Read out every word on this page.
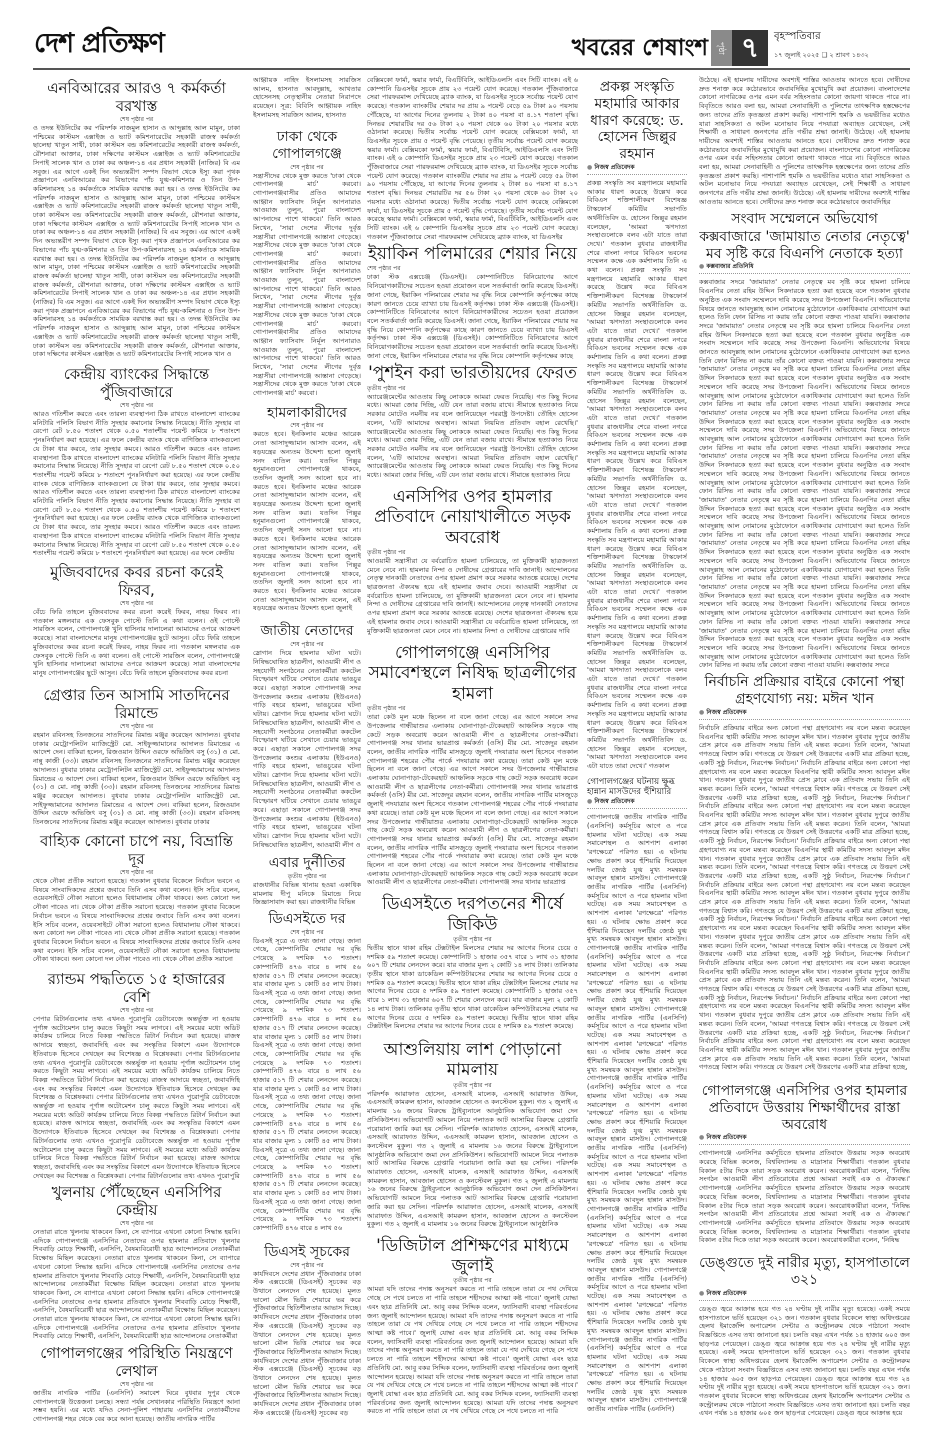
দেশ প্রতিক্ষণ	খবরের শেষাংশ	পৃষ্ঠা ৭	বৃহস্পতিবার
১৭ জুলাই ২০২৫ ❑ ২ শ্রাবণ ১৪৩২
এনবিআরের আরও ৭ কর্মকর্তা বরখাস্ত
শেষ পৃষ্ঠার পর
ও তদন্ত ইউনিটের কর পরিদর্শক নাজমুল হাসান ও আব্দুল্লাহ আল মামুন, ঢাকা পশ্চিমের কাস্টমস এক্সাইজ ও ভ্যাট কমিশনারেটের সহকারী রাজস্ব কর্মকর্তা ছালেহা খাতুন সাথী, ঢাকা কাস্টমস বন্ড কমিশনারেটের সহকারী রাজস্ব কর্মকর্তা, রৌশনারা আক্তার, ঢাকা দক্ষিণের কাস্টমস এক্সাইজ ও ভ্যাট কমিশনারেটের সিপাই সালেক খান ও ঢাকা কর অঞ্চল-১৪ এর প্রধান সহকারী (নাজির) বি এম সবুজ। এর আগে একই দিন অভ্যন্তরীণ সম্পদ বিভাগ থেকে ইস্যু করা পৃথক প্রজ্ঞাপনে এনবিআরের কর বিভাগের পাঁচ যুগ্ম-কমিশনার ও তিন উপ-কমিশনারসহ ১৪ কর্মকর্তাকে সাময়িক বরখাস্ত করা হয়। ও তদন্ত ইউনিটের কর পরিদর্শক নাজমুল হাসান ও আব্দুল্লাহ আল মামুন, ঢাকা পশ্চিমের কাস্টমস এক্সাইজ ও ভ্যাট কমিশনারেটের সহকারী রাজস্ব কর্মকর্তা ছালেহা খাতুন সাথী, ঢাকা কাস্টমস বন্ড কমিশনারেটের সহকারী রাজস্ব কর্মকর্তা, রৌশনারা আক্তার, ঢাকা দক্ষিণের কাস্টমস এক্সাইজ ও ভ্যাট কমিশনারেটের সিপাই সালেক খান ও ঢাকা কর অঞ্চল-১৪ এর প্রধান সহকারী (নাজির) বি এম সবুজ। এর আগে একই দিন অভ্যন্তরীণ সম্পদ বিভাগ থেকে ইস্যু করা পৃথক প্রজ্ঞাপনে এনবিআরের কর বিভাগের পাঁচ যুগ্ম-কমিশনার ও তিন উপ-কমিশনারসহ ১৪ কর্মকর্তাকে সাময়িক বরখাস্ত করা হয়। ও তদন্ত ইউনিটের কর পরিদর্শক নাজমুল হাসান ও আব্দুল্লাহ আল মামুন, ঢাকা পশ্চিমের কাস্টমস এক্সাইজ ও ভ্যাট কমিশনারেটের সহকারী রাজস্ব কর্মকর্তা ছালেহা খাতুন সাথী, ঢাকা কাস্টমস বন্ড কমিশনারেটের সহকারী রাজস্ব কর্মকর্তা, রৌশনারা আক্তার, ঢাকা দক্ষিণের কাস্টমস এক্সাইজ ও ভ্যাট কমিশনারেটের সিপাই সালেক খান ও ঢাকা কর অঞ্চল-১৪ এর প্রধান সহকারী (নাজির) বি এম সবুজ। এর আগে একই দিন অভ্যন্তরীণ সম্পদ বিভাগ থেকে ইস্যু করা পৃথক প্রজ্ঞাপনে এনবিআরের কর বিভাগের পাঁচ যুগ্ম-কমিশনার ও তিন উপ-কমিশনারসহ ১৪ কর্মকর্তাকে সাময়িক বরখাস্ত করা হয়। ও তদন্ত ইউনিটের কর পরিদর্শক নাজমুল হাসান ও আব্দুল্লাহ আল মামুন, ঢাকা পশ্চিমের কাস্টমস এক্সাইজ ও ভ্যাট কমিশনারেটের সহকারী রাজস্ব কর্মকর্তা ছালেহা খাতুন সাথী, ঢাকা কাস্টমস বন্ড কমিশনারেটের সহকারী রাজস্ব কর্মকর্তা, রৌশনারা আক্তার, ঢাকা দক্ষিণের কাস্টমস এক্সাইজ ও ভ্যাট কমিশনারেটের সিপাই সালেক খান ও
কেন্দ্রীয় ব্যাংকের সিদ্ধান্তে পুঁজিবাজারে
শেষ পৃষ্ঠার পর
আরও গতিশীল করতে এবং তারল্য ব্যবস্থাপনা ঠিক রাখতে বাংলাদেশ ব্যাংকের মনিটারি পলিসি বিভাগ নীতি সুদহার কমানোর সিদ্ধান্ত নিয়েছে। নীতি সুদহার বা রেপো রেট ৮.৫০ শতাংশ থেকে ০.৫০ শতাংশীয় পয়েন্ট কমিয়ে ৮ শতাংশে পুনঃনির্ধারণ করা হয়েছে। এর ফলে কেন্দ্রীয় ব্যাংক থেকে বাণিজ্যিক ব্যাংকগুলো যে টাকা ধার করবে, তার সুদহার কমবে। আরও গতিশীল করতে এবং তারল্য ব্যবস্থাপনা ঠিক রাখতে বাংলাদেশ ব্যাংকের মনিটারি পলিসি বিভাগ নীতি সুদহার কমানোর সিদ্ধান্ত নিয়েছে। নীতি সুদহার বা রেপো রেট ৮.৫০ শতাংশ থেকে ০.৫০ শতাংশীয় পয়েন্ট কমিয়ে ৮ শতাংশে পুনঃনির্ধারণ করা হয়েছে। এর ফলে কেন্দ্রীয় ব্যাংক থেকে বাণিজ্যিক ব্যাংকগুলো যে টাকা ধার করবে, তার সুদহার কমবে। আরও গতিশীল করতে এবং তারল্য ব্যবস্থাপনা ঠিক রাখতে বাংলাদেশ ব্যাংকের মনিটারি পলিসি বিভাগ নীতি সুদহার কমানোর সিদ্ধান্ত নিয়েছে। নীতি সুদহার বা রেপো রেট ৮.৫০ শতাংশ থেকে ০.৫০ শতাংশীয় পয়েন্ট কমিয়ে ৮ শতাংশে পুনঃনির্ধারণ করা হয়েছে। এর ফলে কেন্দ্রীয় ব্যাংক থেকে বাণিজ্যিক ব্যাংকগুলো যে টাকা ধার করবে, তার সুদহার কমবে। আরও গতিশীল করতে এবং তারল্য ব্যবস্থাপনা ঠিক রাখতে বাংলাদেশ ব্যাংকের মনিটারি পলিসি বিভাগ নীতি সুদহার কমানোর সিদ্ধান্ত নিয়েছে। নীতি সুদহার বা রেপো রেট ৮.৫০ শতাংশ থেকে ০.৫০ শতাংশীয় পয়েন্ট কমিয়ে ৮ শতাংশে পুনঃনির্ধারণ করা হয়েছে। এর ফলে কেন্দ্রীয়
মুজিববাদের কবর রচনা করেই ফিরব,
শেষ পৃষ্ঠার পর
বেঁচে ফিরি তাহলে মুজিববাদের কবর রচনা করেই ফিরব, নাহয় ফিরব না। গতকাল মঙ্গলবার এক ফেসবুক পোস্টে তিনি এ কথা বলেন। ওই পোস্টে সারজিস বলেন, গোপালগঞ্জে খুনি হাসিনার দালালেরা আমাদের ওপরে আক্রমণ করেছে। সারা বাংলাদেশের মানুষ গোপালগঞ্জের ছুটে আসুন। বেঁচে ফিরি তাহলে মুজিববাদের কবর রচনা করেই ফিরব, নাহয় ফিরব না। গতকাল মঙ্গলবার এক ফেসবুক পোস্টে তিনি এ কথা বলেন। ওই পোস্টে সারজিস বলেন, গোপালগঞ্জে খুনি হাসিনার দালালেরা আমাদের ওপরে আক্রমণ করেছে। সারা বাংলাদেশের মানুষ গোপালগঞ্জের ছুটে আসুন। বেঁচে ফিরি তাহলে মুজিববাদের কবর রচনা
গ্রেপ্তার তিন আসামি সাতদিনের রিমান্ডে
শেষ পৃষ্ঠার পর
রহমান রবিনসহ তিনজনের সাতদিনের রিমান্ড মঞ্জুর করেছেন আদালত। বুধবার ঢাকার মেট্রোপলিটন ম্যাজিস্ট্রেট মো. সাইফুজ্জামানের আদালত রিমান্ডের এ আদেশ দেন। বাকিরা হলেন, রিজওয়ান উদ্দিন ওরফে অভিজিৎ বসু (৩১) ও মো. নান্নু কাজী (৩৩)। রহমান রবিনসহ তিনজনের সাতদিনের রিমান্ড মঞ্জুর করেছেন আদালত। বুধবার ঢাকার মেট্রোপলিটন ম্যাজিস্ট্রেট মো. সাইফুজ্জামানের আদালত রিমান্ডের এ আদেশ দেন। বাকিরা হলেন, রিজওয়ান উদ্দিন ওরফে অভিজিৎ বসু (৩১) ও মো. নান্নু কাজী (৩৩)। রহমান রবিনসহ তিনজনের সাতদিনের রিমান্ড মঞ্জুর করেছেন আদালত। বুধবার ঢাকার মেট্রোপলিটন ম্যাজিস্ট্রেট মো. সাইফুজ্জামানের আদালত রিমান্ডের এ আদেশ দেন। বাকিরা হলেন, রিজওয়ান উদ্দিন ওরফে অভিজিৎ বসু (৩১) ও মো. নান্নু কাজী (৩৩)। রহমান রবিনসহ তিনজনের সাতদিনের রিমান্ড মঞ্জুর করেছেন আদালত। বুধবার ঢাকার
বাহ্যিক কোনো চাপে নয়, বিভ্রান্তি দূর
শেষ পৃষ্ঠার পর
থেকে নৌকা প্রতীক সরানো হয়েছে। গতকাল বুধবার বিকেলে নির্বাচন ভবনে এ বিষয়ে সাংবাদিকদের প্রশ্নের জবাবে তিনি এসব কথা বলেন। ইসি সচিব বলেন, ওয়েবসাইটে নৌকা সরানো হলেও বিধামালায় নৌকা থাকবে। অন্য কোনো দল নৌকা পাবেও না। থেকে নৌকা প্রতীক সরানো হয়েছে। গতকাল বুধবার বিকেলে নির্বাচন ভবনে এ বিষয়ে সাংবাদিকদের প্রশ্নের জবাবে তিনি এসব কথা বলেন। ইসি সচিব বলেন, ওয়েবসাইটে নৌকা সরানো হলেও বিধামালায় নৌকা থাকবে। অন্য কোনো দল নৌকা পাবেও না। থেকে নৌকা প্রতীক সরানো হয়েছে। গতকাল বুধবার বিকেলে নির্বাচন ভবনে এ বিষয়ে সাংবাদিকদের প্রশ্নের জবাবে তিনি এসব কথা বলেন। ইসি সচিব বলেন, ওয়েবসাইটে নৌকা সরানো হলেও বিধামালায় নৌকা থাকবে। অন্য কোনো দল নৌকা পাবেও না। থেকে নৌকা প্রতীক সরানো
র‍্যান্ডম পদ্ধতিতে ১৫ হাজারের বেশি
শেষ পৃষ্ঠার পর
পেপার রিটার্নগুলোর তথ্য এখনও পুরোপুরি ডেটাবেজে অন্তর্ভুক্ত না হওয়ায় পূর্ণাঙ্গ অটোমেশন চালু করতে কিছুটা সময় লাগবে। এই সময়ের মধ্যে অডিট কার্যক্রম চালিয়ে নিতে বিকল্প পদ্ধতিতে রিটার্ন নির্বাচন করা হয়েছে। রাজস্ব আদায়ে স্বচ্ছতা, জবাবদিহি এবং কর সংস্কৃতির বিকাশে এমন উদ্যোগকে ইতিবাচক হিসেবে দেখছেন কর বিশেষজ্ঞ ও বিশ্লেষকরা। পেপার রিটার্নগুলোর তথ্য এখনও পুরোপুরি ডেটাবেজে অন্তর্ভুক্ত না হওয়ায় পূর্ণাঙ্গ অটোমেশন চালু করতে কিছুটা সময় লাগবে। এই সময়ের মধ্যে অডিট কার্যক্রম চালিয়ে নিতে বিকল্প পদ্ধতিতে রিটার্ন নির্বাচন করা হয়েছে। রাজস্ব আদায়ে স্বচ্ছতা, জবাবদিহি এবং কর সংস্কৃতির বিকাশে এমন উদ্যোগকে ইতিবাচক হিসেবে দেখছেন কর বিশেষজ্ঞ ও বিশ্লেষকরা। পেপার রিটার্নগুলোর তথ্য এখনও পুরোপুরি ডেটাবেজে অন্তর্ভুক্ত না হওয়ায় পূর্ণাঙ্গ অটোমেশন চালু করতে কিছুটা সময় লাগবে। এই সময়ের মধ্যে অডিট কার্যক্রম চালিয়ে নিতে বিকল্প পদ্ধতিতে রিটার্ন নির্বাচন করা হয়েছে। রাজস্ব আদায়ে স্বচ্ছতা, জবাবদিহি এবং কর সংস্কৃতির বিকাশে এমন উদ্যোগকে ইতিবাচক হিসেবে দেখছেন কর বিশেষজ্ঞ ও বিশ্লেষকরা। পেপার রিটার্নগুলোর তথ্য এখনও পুরোপুরি ডেটাবেজে অন্তর্ভুক্ত না হওয়ায় পূর্ণাঙ্গ অটোমেশন চালু করতে কিছুটা সময় লাগবে। এই সময়ের মধ্যে অডিট কার্যক্রম চালিয়ে নিতে বিকল্প পদ্ধতিতে রিটার্ন নির্বাচন করা হয়েছে। রাজস্ব আদায়ে স্বচ্ছতা, জবাবদিহি এবং কর সংস্কৃতির বিকাশে এমন উদ্যোগকে ইতিবাচক হিসেবে দেখছেন কর বিশেষজ্ঞ ও বিশ্লেষকরা। পেপার রিটার্নগুলোর তথ্য এখনও পুরোপুরি
খুলনায় পৌঁছেছেন এনসিপির কেন্দ্রীয়
শেষ পৃষ্ঠার পর
নেতারা রাতে খুলনায় থাকবেন কিনা, সে ব্যাপারে এখনো কোনো সিদ্ধান্ত হয়নি। এদিকে গোপালগঞ্জে এনসিপির নেতাদের ওপর হামলার প্রতিবাদে খুলনার শিববাড়ি মোড়ে শিক্ষার্থী, এনসিপি, বৈষম্যবিরোধী ছাত্র আন্দোলনের নেতাকর্মীরা বিক্ষোভ মিছিল করেছেন। নেতারা রাতে খুলনায় থাকবেন কিনা, সে ব্যাপারে এখনো কোনো সিদ্ধান্ত হয়নি। এদিকে গোপালগঞ্জে এনসিপির নেতাদের ওপর হামলার প্রতিবাদে খুলনার শিববাড়ি মোড়ে শিক্ষার্থী, এনসিপি, বৈষম্যবিরোধী ছাত্র আন্দোলনের নেতাকর্মীরা বিক্ষোভ মিছিল করেছেন। নেতারা রাতে খুলনায় থাকবেন কিনা, সে ব্যাপারে এখনো কোনো সিদ্ধান্ত হয়নি। এদিকে গোপালগঞ্জে এনসিপির নেতাদের ওপর হামলার প্রতিবাদে খুলনার শিববাড়ি মোড়ে শিক্ষার্থী, এনসিপি, বৈষম্যবিরোধী ছাত্র আন্দোলনের নেতাকর্মীরা বিক্ষোভ মিছিল করেছেন। নেতারা রাতে খুলনায় থাকবেন কিনা, সে ব্যাপারে এখনো কোনো সিদ্ধান্ত হয়নি। এদিকে গোপালগঞ্জে এনসিপির নেতাদের ওপর হামলার প্রতিবাদে খুলনার শিববাড়ি মোড়ে শিক্ষার্থী, এনসিপি, বৈষম্যবিরোধী ছাত্র আন্দোলনের নেতাকর্মীরা
গোপালগঞ্জের পরিস্থিতি নিয়ন্ত্রণে লেথাল
শেষ পৃষ্ঠার পর
জাতীয় নাগরিক পার্টির (এনসিপি) সমাবেশ ঘিরে বুধবার দুপুর থেকে গোপালগঞ্জে উত্তেজনা চলছে। সন্ধ্যা পর্যন্ত সেখানকার পরিস্থিতি নিয়ন্ত্রণে আনা সম্ভব হয়নি। এর মধ্যে যদিও সেনা-পুলিশ পাহারায় এনসিপির নেতাকর্মীদের গোপালগঞ্জ শহর থেকে বের করে আনা হয়েছে। জাতীয় নাগরিক পার্টির
আহ্বায়ক নাহিদ ইসলামসহ সারজিস আলম, হাসনাত আবদুল্লাহ, আখতার হোসেনসহ নেতৃস্থানীয় নেতারা নিরাপদে রয়েছেন। সূত্র: বিবিসি আহ্বায়ক নাহিদ ইসলামসহ সারজিস আলম, হাসনাত
ঢাকা থেকে গোপালগঞ্জে
শেষ পৃষ্ঠার পর
সন্ত্রাসীদের থেকে মুক্ত করতে 'ঢাকা থেকে গোপালগঞ্জ মার্চ' করবো। গোপালগঞ্জবাসীর প্রতিও আমাদের আহ্বান ফ্যাসিবাদ নির্মূল আপনারাও আওয়াজ তুলুন, পুরো বাংলাদেশ আপনাদের পাশে থাকবে।' তিনি আরও লিখেন, 'সারা দেশের লীগের দুর্বৃত্ত সন্ত্রাসীরা গোপালগঞ্জে আস্তানা গেড়েছে। সন্ত্রাসীদের থেকে মুক্ত করতে 'ঢাকা থেকে গোপালগঞ্জ মার্চ' করবো। গোপালগঞ্জবাসীর প্রতিও আমাদের আহ্বান ফ্যাসিবাদ নির্মূল আপনারাও আওয়াজ তুলুন, পুরো বাংলাদেশ আপনাদের পাশে থাকবে।' তিনি আরও লিখেন, 'সারা দেশের লীগের দুর্বৃত্ত সন্ত্রাসীরা গোপালগঞ্জে আস্তানা গেড়েছে। সন্ত্রাসীদের থেকে মুক্ত করতে 'ঢাকা থেকে গোপালগঞ্জ মার্চ' করবো। গোপালগঞ্জবাসীর প্রতিও আমাদের আহ্বান ফ্যাসিবাদ নির্মূল আপনারাও আওয়াজ তুলুন, পুরো বাংলাদেশ আপনাদের পাশে থাকবে।' তিনি আরও লিখেন, 'সারা দেশের লীগের দুর্বৃত্ত সন্ত্রাসীরা গোপালগঞ্জে আস্তানা গেড়েছে। সন্ত্রাসীদের থেকে মুক্ত করতে 'ঢাকা থেকে গোপালগঞ্জ মার্চ' করবো।
হামলাকারীদের
শেষ পৃষ্ঠার পর
করতে হবে। ইনকিলাব মঞ্চের আরেক নেতা আসাদুজ্জামান আসাদ বলেন, এই ষড়যন্ত্রের অন্যতম উদ্দেশ্য হলো জুলাই সনদ বাতিল করা। যতদিন পিল্লুর হনুমানগুলো গোপালগঞ্জে থাকবে, ততদিন জুলাই সনদ আলো হবে না। করতে হবে। ইনকিলাব মঞ্চের আরেক নেতা আসাদুজ্জামান আসাদ বলেন, এই ষড়যন্ত্রের অন্যতম উদ্দেশ্য হলো জুলাই সনদ বাতিল করা। যতদিন পিল্লুর হনুমানগুলো গোপালগঞ্জে থাকবে, ততদিন জুলাই সনদ আলো হবে না। করতে হবে। ইনকিলাব মঞ্চের আরেক নেতা আসাদুজ্জামান আসাদ বলেন, এই ষড়যন্ত্রের অন্যতম উদ্দেশ্য হলো জুলাই সনদ বাতিল করা। যতদিন পিল্লুর হনুমানগুলো গোপালগঞ্জে থাকবে, ততদিন জুলাই সনদ আলো হবে না। করতে হবে। ইনকিলাব মঞ্চের আরেক নেতা আসাদুজ্জামান আসাদ বলেন, এই ষড়যন্ত্রের অন্যতম উদ্দেশ্য হলো জুলাই
জাতীয় নেতাদের
শেষ পৃষ্ঠার পর
স্লোগান দিয়ে হামলার ঘটনা ঘটে। নিষিদ্ধঘোষিত ছাত্রলীগ, আওয়ামী লীগ ও সহযোগী সংগঠনের নেতাকর্মীরা ককটেল বিস্ফোরণ ঘটিয়ে সেখানে চেয়ার ভাঙচুর করে। এছাড়া সকালে গোপালগঞ্জ সদর উপজেলার কংশুর এলাকায় (ইউএনও) গাড়ি বহরে হামলা, ভাঙচুরের ঘটনা ঘটায়। স্লোগান দিয়ে হামলার ঘটনা ঘটে। নিষিদ্ধঘোষিত ছাত্রলীগ, আওয়ামী লীগ ও সহযোগী সংগঠনের নেতাকর্মীরা ককটেল বিস্ফোরণ ঘটিয়ে সেখানে চেয়ার ভাঙচুর করে। এছাড়া সকালে গোপালগঞ্জ সদর উপজেলার কংশুর এলাকায় (ইউএনও) গাড়ি বহরে হামলা, ভাঙচুরের ঘটনা ঘটায়। স্লোগান দিয়ে হামলার ঘটনা ঘটে। নিষিদ্ধঘোষিত ছাত্রলীগ, আওয়ামী লীগ ও সহযোগী সংগঠনের নেতাকর্মীরা ককটেল বিস্ফোরণ ঘটিয়ে সেখানে চেয়ার ভাঙচুর করে। এছাড়া সকালে গোপালগঞ্জ সদর উপজেলার কংশুর এলাকায় (ইউএনও) গাড়ি বহরে হামলা, ভাঙচুরের ঘটনা ঘটায়। স্লোগান দিয়ে হামলার ঘটনা ঘটে। নিষিদ্ধঘোষিত ছাত্রলীগ, আওয়ামী লীগ ও
এবার দুর্নীতির
তৃতীয় পৃষ্ঠার পর
রাজধানীর বিভিন্ন থানায় হওয়া একাধিক মামলায় দীপু মনিকে রিমান্ডে নিয়ে জিজ্ঞাসাবাদ করা হয়। রাজধানীর বিভিন্ন
ডিএসইতে দর
শেষ পৃষ্ঠার পর
ডিএসই সূত্রে এ তথ্য জানা গেছে। জানা গেছে, কোম্পানিটির শেয়ার দর বৃদ্ধি পেয়েছে ৯ দশমিক ৭৩ শতাংশ। কোম্পানিটি ৪৭৬ বারে ৪ লাখ ৫৬ হাজার ৫১৭ টি শেয়ার লেনদেন করেছে। যার বাজার মূল্য ১ কোটি ৪৫ লাখ টাকা। ডিএসই সূত্রে এ তথ্য জানা গেছে। জানা গেছে, কোম্পানিটির শেয়ার দর বৃদ্ধি পেয়েছে ৯ দশমিক ৭৩ শতাংশ। কোম্পানিটি ৪৭৬ বারে ৪ লাখ ৫৬ হাজার ৫১৭ টি শেয়ার লেনদেন করেছে। যার বাজার মূল্য ১ কোটি ৪৫ লাখ টাকা। ডিএসই সূত্রে এ তথ্য জানা গেছে। জানা গেছে, কোম্পানিটির শেয়ার দর বৃদ্ধি পেয়েছে ৯ দশমিক ৭৩ শতাংশ। কোম্পানিটি ৪৭৬ বারে ৪ লাখ ৫৬ হাজার ৫১৭ টি শেয়ার লেনদেন করেছে। যার বাজার মূল্য ১ কোটি ৪৫ লাখ টাকা। ডিএসই সূত্রে এ তথ্য জানা গেছে। জানা গেছে, কোম্পানিটির শেয়ার দর বৃদ্ধি পেয়েছে ৯ দশমিক ৭৩ শতাংশ। কোম্পানিটি ৪৭৬ বারে ৪ লাখ ৫৬ হাজার ৫১৭ টি শেয়ার লেনদেন করেছে। যার বাজার মূল্য ১ কোটি ৪৫ লাখ টাকা। ডিএসই সূত্রে এ তথ্য জানা গেছে। জানা গেছে, কোম্পানিটির শেয়ার দর বৃদ্ধি পেয়েছে ৯ দশমিক ৭৩ শতাংশ। কোম্পানিটি ৪৭৬ বারে ৪ লাখ ৫৬ হাজার ৫১৭ টি শেয়ার লেনদেন করেছে। যার বাজার মূল্য ১ কোটি ৪৫ লাখ টাকা। ডিএসই সূত্রে এ তথ্য জানা গেছে। জানা গেছে, কোম্পানিটির শেয়ার দর বৃদ্ধি পেয়েছে ৯ দশমিক ৭৩ শতাংশ। কোম্পানিটি ৪৭৬ বারে ৪ লাখ ৫৬
ডিএসই সূচকের
শেষ পৃষ্ঠার পর
কার্যদিবসে দেশের প্রধান পুঁজিবাজার ঢাকা স্টক এক্সচেঞ্জে (ডিএসই) সূচকের বড় উত্থানে লেনদেন শেষ হয়েছে। মূলত ভালো মৌল ভিত্তি শেয়ারে ভর করে পুঁজিবাজারে স্থিতিশীলতার আভাস দিচ্ছে। কার্যদিবসে দেশের প্রধান পুঁজিবাজার ঢাকা স্টক এক্সচেঞ্জে (ডিএসই) সূচকের বড় উত্থানে লেনদেন শেষ হয়েছে। মূলত ভালো মৌল ভিত্তি শেয়ারে ভর করে পুঁজিবাজারে স্থিতিশীলতার আভাস দিচ্ছে। কার্যদিবসে দেশের প্রধান পুঁজিবাজার ঢাকা স্টক এক্সচেঞ্জে (ডিএসই) সূচকের বড় উত্থানে লেনদেন শেষ হয়েছে। মূলত ভালো মৌল ভিত্তি শেয়ারে ভর করে পুঁজিবাজারে স্থিতিশীলতার আভাস দিচ্ছে। কার্যদিবসে দেশের প্রধান পুঁজিবাজার ঢাকা স্টক এক্সচেঞ্জে (ডিএসই) সূচকের বড়
বেক্সিমকো ফার্মা, স্কয়ার ফার্মা, বিএটিবিসি, আইডিএলসি এবং সিটি ব্যাংক। এই ৬ কোম্পানি ডিএসইর সূচকে প্রায় ২৩ পয়েন্ট যোগ করেছে। গতকাল পুঁজিবাজারে সেরা পারফরমান্স দেখিয়েছে ব্র্যাক ব্যাংক, যা ডিএসইর সূচকে সর্বোচ্চ পয়েন্ট যোগ করেছে। গতকাল ব্যাংকটির শেয়ার দর প্রায় ৯ পয়েন্ট বেড়ে ৫৯ টাকা ৯০ পয়সায় পৌঁছেছে, যা আগের দিনের তুলনায় ২ টাকা ৪০ পয়সা বা ৪.১৭ শতাংশ বৃদ্ধি। দিনভর শেয়ারটির দর ৫৬ টাকা ২০ পয়সা থেকে ৬০ টাকা ২০ পয়সার মধ্যে ওঠানামা করেছে। দ্বিতীয় সর্বোচ্চ পয়েন্ট যোগ করেছে বেক্সিমকো ফার্মা, যা ডিএসইর সূচকে প্রায় ৫ পয়েন্ট বৃদ্ধি পেয়েছে। তৃতীয় সর্বোচ্চ পয়েন্ট যোগ করেছে স্কয়ার ফার্মা। বেক্সিমকো ফার্মা, স্কয়ার ফার্মা, বিএটিবিসি, আইডিএলসি এবং সিটি ব্যাংক। এই ৬ কোম্পানি ডিএসইর সূচকে প্রায় ২৩ পয়েন্ট যোগ করেছে। গতকাল পুঁজিবাজারে সেরা পারফরমান্স দেখিয়েছে ব্র্যাক ব্যাংক, যা ডিএসইর সূচকে সর্বোচ্চ পয়েন্ট যোগ করেছে। গতকাল ব্যাংকটির শেয়ার দর প্রায় ৯ পয়েন্ট বেড়ে ৫৯ টাকা ৯০ পয়সায় পৌঁছেছে, যা আগের দিনের তুলনায় ২ টাকা ৪০ পয়সা বা ৪.১৭ শতাংশ বৃদ্ধি। দিনভর শেয়ারটির দর ৫৬ টাকা ২০ পয়সা থেকে ৬০ টাকা ২০ পয়সার মধ্যে ওঠানামা করেছে। দ্বিতীয় সর্বোচ্চ পয়েন্ট যোগ করেছে বেক্সিমকো ফার্মা, যা ডিএসইর সূচকে প্রায় ৫ পয়েন্ট বৃদ্ধি পেয়েছে। তৃতীয় সর্বোচ্চ পয়েন্ট যোগ করেছে স্কয়ার ফার্মা। বেক্সিমকো ফার্মা, স্কয়ার ফার্মা, বিএটিবিসি, আইডিএলসি এবং সিটি ব্যাংক। এই ৬ কোম্পানি ডিএসইর সূচকে প্রায় ২৩ পয়েন্ট যোগ করেছে। গতকাল পুঁজিবাজারে সেরা পারফরমান্স দেখিয়েছে ব্র্যাক ব্যাংক, যা ডিএসইর
ইয়াকিন পলিমারের শেয়ার নিয়ে
শেষ পৃষ্ঠার পর
ঢাকা স্টক এক্সচেঞ্জ (ডিএসই)। কোম্পানিটিতে বিনিয়োগের আগে বিনিয়োগকারীদের সচেতন হওয়া প্রয়োজন বলে সতর্কবার্তা জারি করেছে ডিএসই। জানা গেছে, ইয়াকিন পলিমারের শেয়ার দর বৃদ্ধি নিয়ে কোম্পানি কর্তৃপক্ষের কাছে কারণ জানতে চেয়ে ব্যাখ্যা চায় ডিএসই কর্তৃপক্ষ। ঢাকা স্টক এক্সচেঞ্জ (ডিএসই)। কোম্পানিটিতে বিনিয়োগের আগে বিনিয়োগকারীদের সচেতন হওয়া প্রয়োজন বলে সতর্কবার্তা জারি করেছে ডিএসই। জানা গেছে, ইয়াকিন পলিমারের শেয়ার দর বৃদ্ধি নিয়ে কোম্পানি কর্তৃপক্ষের কাছে কারণ জানতে চেয়ে ব্যাখ্যা চায় ডিএসই কর্তৃপক্ষ। ঢাকা স্টক এক্সচেঞ্জ (ডিএসই)। কোম্পানিটিতে বিনিয়োগের আগে বিনিয়োগকারীদের সচেতন হওয়া প্রয়োজন বলে সতর্কবার্তা জারি করেছে ডিএসই। জানা গেছে, ইয়াকিন পলিমারের শেয়ার দর বৃদ্ধি নিয়ে কোম্পানি কর্তৃপক্ষের কাছে
'পুশইন করা ভারতীয়দের ফেরত
তৃতীয় পৃষ্ঠার পর
অ্যারেঞ্জমেন্টের আওতায় কিছু লোককে আমরা ফেরত নিয়েছি। গত কিছু দিনের মধ্যে। আমরা জোর দিচ্ছি, এটি যেন তারা বজায় রাখে। সীমান্তে হত্যাকাণ্ড নিয়ে সরকার মোটেও নমনীয় নয় বলে জানিয়েছেন পররাষ্ট্র উপদেষ্টা। তৌহিদ হোসেন বলেন, 'এটি আমাদের অবস্থান। আমরা নিয়মিত প্রতিবাদ বহাল রেখেছি।' অ্যারেঞ্জমেন্টের আওতায় কিছু লোককে আমরা ফেরত নিয়েছি। গত কিছু দিনের মধ্যে। আমরা জোর দিচ্ছি, এটি যেন তারা বজায় রাখে। সীমান্তে হত্যাকাণ্ড নিয়ে সরকার মোটেও নমনীয় নয় বলে জানিয়েছেন পররাষ্ট্র উপদেষ্টা। তৌহিদ হোসেন বলেন, 'এটি আমাদের অবস্থান। আমরা নিয়মিত প্রতিবাদ বহাল রেখেছি।' অ্যারেঞ্জমেন্টের আওতায় কিছু লোককে আমরা ফেরত নিয়েছি। গত কিছু দিনের মধ্যে। আমরা জোর দিচ্ছি, এটি যেন তারা বজায় রাখে। সীমান্তে হত্যাকাণ্ড নিয়ে
এনসিপির ওপর হামলার প্রতিবাদে নোয়াখালীতে সড়ক অবরোধ
তৃতীয় পৃষ্ঠার পর
আওয়ামী সন্ত্রাসীরা যে বর্বরোচিত হামলা চালিয়েছে, তা মুক্তিকামী ছাত্রজনতা মেনে নেবে না। হামলার নিন্দা ও দোষীদের গ্রেপ্তারের দাবি জানাই। আন্দোলনের নেতৃত্ব দানকারী নেতাদের ওপর হামলা প্রমাণ করে সরকার আতঙ্কে রয়েছে। দেশের ছাত্রজনতা ঐক্যবদ্ধ হয়ে এই হামলার জবাব দেবে। আওয়ামী সন্ত্রাসীরা যে বর্বরোচিত হামলা চালিয়েছে, তা মুক্তিকামী ছাত্রজনতা মেনে নেবে না। হামলার নিন্দা ও দোষীদের গ্রেপ্তারের দাবি জানাই। আন্দোলনের নেতৃত্ব দানকারী নেতাদের ওপর হামলা প্রমাণ করে সরকার আতঙ্কে রয়েছে। দেশের ছাত্রজনতা ঐক্যবদ্ধ হয়ে এই হামলার জবাব দেবে। আওয়ামী সন্ত্রাসীরা যে বর্বরোচিত হামলা চালিয়েছে, তা মুক্তিকামী ছাত্রজনতা মেনে নেবে না। হামলার নিন্দা ও দোষীদের গ্রেপ্তারের দাবি
গোপালগঞ্জে এনসিপির সমাবেশস্থলে নিষিদ্ধ ছাত্রলীগের হামলা
তৃতীয় পৃষ্ঠার পর
তারা কেউ মূল মঞ্চে ছিলেন না বলে জানা গেছে। এর আগে সকালে সদর উপজেলার গান্ধীয়াশুর এলাকায় ঘোনাপাড়া-টেকেরহাট আঞ্চলিক সড়কে গাছ কেটে সড়ক অবরোধ করেন আওয়ামী লীগ ও ছাত্রলীগের নেতা-কর্মীরা। গোপালগঞ্জ সদর থানার ভারপ্রাপ্ত কর্মকর্তা (ওসি) মীর মো. সাজেদুর রহমান বলেন, জাতীয় নাগরিক পার্টির মাসজুড়ে জুলাই পদযাত্রার অংশ হিসেবে গতকাল গোপালগঞ্জ শহরের পৌর পার্কে পদযাত্রার কথা রয়েছে। তারা কেউ মূল মঞ্চে ছিলেন না বলে জানা গেছে। এর আগে সকালে সদর উপজেলার গান্ধীয়াশুর এলাকায় ঘোনাপাড়া-টেকেরহাট আঞ্চলিক সড়কে গাছ কেটে সড়ক অবরোধ করেন আওয়ামী লীগ ও ছাত্রলীগের নেতা-কর্মীরা। গোপালগঞ্জ সদর থানার ভারপ্রাপ্ত কর্মকর্তা (ওসি) মীর মো. সাজেদুর রহমান বলেন, জাতীয় নাগরিক পার্টির মাসজুড়ে জুলাই পদযাত্রার অংশ হিসেবে গতকাল গোপালগঞ্জ শহরের পৌর পার্কে পদযাত্রার কথা রয়েছে। তারা কেউ মূল মঞ্চে ছিলেন না বলে জানা গেছে। এর আগে সকালে সদর উপজেলার গান্ধীয়াশুর এলাকায় ঘোনাপাড়া-টেকেরহাট আঞ্চলিক সড়কে গাছ কেটে সড়ক অবরোধ করেন আওয়ামী লীগ ও ছাত্রলীগের নেতা-কর্মীরা। গোপালগঞ্জ সদর থানার ভারপ্রাপ্ত কর্মকর্তা (ওসি) মীর মো. সাজেদুর রহমান বলেন, জাতীয় নাগরিক পার্টির মাসজুড়ে জুলাই পদযাত্রার অংশ হিসেবে গতকাল গোপালগঞ্জ শহরের পৌর পার্কে পদযাত্রার কথা রয়েছে। তারা কেউ মূল মঞ্চে ছিলেন না বলে জানা গেছে। এর আগে সকালে সদর উপজেলার গান্ধীয়াশুর এলাকায় ঘোনাপাড়া-টেকেরহাট আঞ্চলিক সড়কে গাছ কেটে সড়ক অবরোধ করেন আওয়ামী লীগ ও ছাত্রলীগের নেতা-কর্মীরা। গোপালগঞ্জ সদর থানার ভারপ্রাপ্ত
ডিএসইতে দরপতনের শীর্ষে জিকিউ
তৃতীয় পৃষ্ঠার পর
দ্বিতীয় স্থানে থাকা রহিম টেক্সটাইল মিলসের শেয়ার দর আগের দিনের চেয়ে ৫ দশমিক ৫৯ শতাংশ কমেছে। কোম্পানিটি ১ হাজার ৩৫৭ বারে ১ লাখ ৩১ হাজার ৬০৭ টি শেয়ার লেনদেন করে। যার বাজার মূল্য ২ কোটি ১৪ লাখ টাকা। তালিকার তৃতীয় স্থানে থাকা ডাকেডিল কম্পিউটারসের শেয়ার দর আগের দিনের চেয়ে ৫ দশমিক ৫৯ শতাংশ কমেছে। দ্বিতীয় স্থানে থাকা রহিম টেক্সটাইল মিলসের শেয়ার দর আগের দিনের চেয়ে ৫ দশমিক ৫৯ শতাংশ কমেছে। কোম্পানিটি ১ হাজার ৩৫৭ বারে ১ লাখ ৩১ হাজার ৬০৭ টি শেয়ার লেনদেন করে। যার বাজার মূল্য ২ কোটি ১৪ লাখ টাকা। তালিকার তৃতীয় স্থানে থাকা ডাকেডিল কম্পিউটারসের শেয়ার দর আগের দিনের চেয়ে ৫ দশমিক ৫৯ শতাংশ কমেছে। দ্বিতীয় স্থানে থাকা রহিম টেক্সটাইল মিলসের শেয়ার দর আগের দিনের চেয়ে ৫ দশমিক ৫৯ শতাংশ কমেছে।
আশুলিয়ায় লাশ পোড়ানো মামলায়
তৃতীয় পৃষ্ঠার পর
পরিদর্শক আরাফাত হোসেন, এসআই মালেক, এসআই আরাফাত উদ্দিন, এএসআই কামরুল হাসান, আবজাল হোসেন ও কনস্টেবল মুকুল। গত ২ জুলাই এ মামলায় ১৬ জনের বিরুদ্ধে ট্রাইব্যুনালে আনুষ্ঠানিক অভিযোগ জমা দেন প্রসিকিউশন। অভিযোগটি আমলে নিয়ে পলাতক আট আসামির বিরুদ্ধে গ্রেপ্তারি পরোয়ানা জারি করা হয় সেদিন। পরিদর্শক আরাফাত হোসেন, এসআই মালেক, এসআই আরাফাত উদ্দিন, এএসআই কামরুল হাসান, আবজাল হোসেন ও কনস্টেবল মুকুল। গত ২ জুলাই এ মামলায় ১৬ জনের বিরুদ্ধে ট্রাইব্যুনালে আনুষ্ঠানিক অভিযোগ জমা দেন প্রসিকিউশন। অভিযোগটি আমলে নিয়ে পলাতক আট আসামির বিরুদ্ধে গ্রেপ্তারি পরোয়ানা জারি করা হয় সেদিন। পরিদর্শক আরাফাত হোসেন, এসআই মালেক, এসআই আরাফাত উদ্দিন, এএসআই কামরুল হাসান, আবজাল হোসেন ও কনস্টেবল মুকুল। গত ২ জুলাই এ মামলায় ১৬ জনের বিরুদ্ধে ট্রাইব্যুনালে আনুষ্ঠানিক অভিযোগ জমা দেন প্রসিকিউশন। অভিযোগটি আমলে নিয়ে পলাতক আট আসামির বিরুদ্ধে গ্রেপ্তারি পরোয়ানা জারি করা হয় সেদিন। পরিদর্শক আরাফাত হোসেন, এসআই মালেক, এসআই আরাফাত উদ্দিন, এএসআই কামরুল হাসান, আবজাল হোসেন ও কনস্টেবল মুকুল। গত ২ জুলাই এ মামলায় ১৬ জনের বিরুদ্ধে ট্রাইব্যুনালে আনুষ্ঠানিক
'ডিজিটাল প্রশিক্ষণের মাধ্যমে জুলাই
তৃতীয় পৃষ্ঠার পর
আমরা যদি তাদের পদাঙ্ক অনুসরণ করতে না পারি তাহলে তারা যে পথ দেখিয়ে গেছে সে পথে চলতে না পারি তাহলে শহীদদের আত্মা কষ্ট পাবে।' জুলাই যোদ্ধা এবং ছাত্র প্রতিনিধি মো. আবু বকর সিদ্দিক বলেন, ফ্যাসিবাদী ব্যবস্থা পরিবর্তনের জন্য জুলাই আন্দোলন হয়েছে। আমরা যদি তাদের পদাঙ্ক অনুসরণ করতে না পারি তাহলে তারা যে পথ দেখিয়ে গেছে সে পথে চলতে না পারি তাহলে শহীদদের আত্মা কষ্ট পাবে।' জুলাই যোদ্ধা এবং ছাত্র প্রতিনিধি মো. আবু বকর সিদ্দিক বলেন, ফ্যাসিবাদী ব্যবস্থা পরিবর্তনের জন্য জুলাই আন্দোলন হয়েছে। আমরা যদি তাদের পদাঙ্ক অনুসরণ করতে না পারি তাহলে তারা যে পথ দেখিয়ে গেছে সে পথে চলতে না পারি তাহলে শহীদদের আত্মা কষ্ট পাবে।' জুলাই যোদ্ধা এবং ছাত্র প্রতিনিধি মো. আবু বকর সিদ্দিক বলেন, ফ্যাসিবাদী ব্যবস্থা পরিবর্তনের জন্য জুলাই আন্দোলন হয়েছে। আমরা যদি তাদের পদাঙ্ক অনুসরণ করতে না পারি তাহলে তারা যে পথ দেখিয়ে গেছে সে পথে চলতে না পারি তাহলে শহীদদের আত্মা কষ্ট পাবে।' জুলাই যোদ্ধা এবং ছাত্র প্রতিনিধি মো. আবু বকর সিদ্দিক বলেন, ফ্যাসিবাদী ব্যবস্থা পরিবর্তনের জন্য জুলাই আন্দোলন হয়েছে। আমরা যদি তাদের পদাঙ্ক অনুসরণ করতে না পারি তাহলে তারা যে পথ দেখিয়ে গেছে সে পথে চলতে না পারি
প্রকল্প সংস্কৃতি মহামারি আকার ধারণ করেছে: ড. হোসেন জিল্লুর রহমান
● নিজস্ব প্রতিবেদক
প্রকল্প সংস্কৃতি সব মন্ত্রণালয়ে মহামারি আকার ধারণ করেছে উল্লেখ করে বিবিএস শক্তিশালীকরণ বিশেষজ্ঞ টাস্কফোর্স কমিটির সভাপতি অর্থনীতিবিদ ড. হোসেন জিল্লুর রহমান বলেছেন, 'আমরা ঋণদাতা সংস্থাগুলোকে বলব এটা যাতে তারা দেখে।' গতকাল বুধবার রাজধানীর শেরে বাংলা নগরে বিবিএস ভবনের সম্মেলন কক্ষে এক কর্মশালায় তিনি এ কথা বলেন। প্রকল্প সংস্কৃতি সব মন্ত্রণালয়ে মহামারি আকার ধারণ করেছে উল্লেখ করে বিবিএস শক্তিশালীকরণ বিশেষজ্ঞ টাস্কফোর্স কমিটির সভাপতি অর্থনীতিবিদ ড. হোসেন জিল্লুর রহমান বলেছেন, 'আমরা ঋণদাতা সংস্থাগুলোকে বলব এটা যাতে তারা দেখে।' গতকাল বুধবার রাজধানীর শেরে বাংলা নগরে বিবিএস ভবনের সম্মেলন কক্ষে এক কর্মশালায় তিনি এ কথা বলেন। প্রকল্প সংস্কৃতি সব মন্ত্রণালয়ে মহামারি আকার ধারণ করেছে উল্লেখ করে বিবিএস শক্তিশালীকরণ বিশেষজ্ঞ টাস্কফোর্স কমিটির সভাপতি অর্থনীতিবিদ ড. হোসেন জিল্লুর রহমান বলেছেন, 'আমরা ঋণদাতা সংস্থাগুলোকে বলব এটা যাতে তারা দেখে।' গতকাল বুধবার রাজধানীর শেরে বাংলা নগরে বিবিএস ভবনের সম্মেলন কক্ষে এক কর্মশালায় তিনি এ কথা বলেন। প্রকল্প সংস্কৃতি সব মন্ত্রণালয়ে মহামারি আকার ধারণ করেছে উল্লেখ করে বিবিএস শক্তিশালীকরণ বিশেষজ্ঞ টাস্কফোর্স কমিটির সভাপতি অর্থনীতিবিদ ড. হোসেন জিল্লুর রহমান বলেছেন, 'আমরা ঋণদাতা সংস্থাগুলোকে বলব এটা যাতে তারা দেখে।' গতকাল বুধবার রাজধানীর শেরে বাংলা নগরে বিবিএস ভবনের সম্মেলন কক্ষে এক কর্মশালায় তিনি এ কথা বলেন। প্রকল্প সংস্কৃতি সব মন্ত্রণালয়ে মহামারি আকার ধারণ করেছে উল্লেখ করে বিবিএস শক্তিশালীকরণ বিশেষজ্ঞ টাস্কফোর্স কমিটির সভাপতি অর্থনীতিবিদ ড. হোসেন জিল্লুর রহমান বলেছেন, 'আমরা ঋণদাতা সংস্থাগুলোকে বলব এটা যাতে তারা দেখে।' গতকাল বুধবার রাজধানীর শেরে বাংলা নগরে বিবিএস ভবনের সম্মেলন কক্ষে এক কর্মশালায় তিনি এ কথা বলেন। প্রকল্প সংস্কৃতি সব মন্ত্রণালয়ে মহামারি আকার ধারণ করেছে উল্লেখ করে বিবিএস শক্তিশালীকরণ বিশেষজ্ঞ টাস্কফোর্স কমিটির সভাপতি অর্থনীতিবিদ ড. হোসেন জিল্লুর রহমান বলেছেন, 'আমরা ঋণদাতা সংস্থাগুলোকে বলব এটা যাতে তারা দেখে।' গতকাল বুধবার রাজধানীর শেরে বাংলা নগরে বিবিএস ভবনের সম্মেলন কক্ষে এক কর্মশালায় তিনি এ কথা বলেন। প্রকল্প সংস্কৃতি সব মন্ত্রণালয়ে মহামারি আকার ধারণ করেছে উল্লেখ করে বিবিএস শক্তিশালীকরণ বিশেষজ্ঞ টাস্কফোর্স কমিটির সভাপতি অর্থনীতিবিদ ড. হোসেন জিল্লুর রহমান বলেছেন, 'আমরা ঋণদাতা সংস্থাগুলোকে বলব এটা যাতে তারা দেখে।' গতকাল
গোপালগঞ্জের ঘটনায় ক্ষুব্ধ হান্নান মাসউদের হুঁশিয়ারি
● নিজস্ব প্রতিবেদক
গোপালগঞ্জে জাতীয় নাগরিক পার্টির (এনসিপি) কর্মসূচির আগে ও পরে হামলার ঘটনা ঘটেছে। এক সময় সমাবেশস্থল ও আশপাশ এলাকা 'রণক্ষেত্রে' পরিণত হয়। এ ঘটনায় ক্ষোভ প্রকাশ করে হুঁশিয়ারি দিয়েছেন দলটির জ্যেষ্ঠ যুগ্ম মুখ্য সমন্বয়ক আবদুল হান্নান মাসউদ। গোপালগঞ্জে জাতীয় নাগরিক পার্টির (এনসিপি) কর্মসূচির আগে ও পরে হামলার ঘটনা ঘটেছে। এক সময় সমাবেশস্থল ও আশপাশ এলাকা 'রণক্ষেত্রে' পরিণত হয়। এ ঘটনায় ক্ষোভ প্রকাশ করে হুঁশিয়ারি দিয়েছেন দলটির জ্যেষ্ঠ যুগ্ম মুখ্য সমন্বয়ক আবদুল হান্নান মাসউদ। গোপালগঞ্জে জাতীয় নাগরিক পার্টির (এনসিপি) কর্মসূচির আগে ও পরে হামলার ঘটনা ঘটেছে। এক সময় সমাবেশস্থল ও আশপাশ এলাকা 'রণক্ষেত্রে' পরিণত হয়। এ ঘটনায় ক্ষোভ প্রকাশ করে হুঁশিয়ারি দিয়েছেন দলটির জ্যেষ্ঠ যুগ্ম মুখ্য সমন্বয়ক আবদুল হান্নান মাসউদ। গোপালগঞ্জে জাতীয় নাগরিক পার্টির (এনসিপি) কর্মসূচির আগে ও পরে হামলার ঘটনা ঘটেছে। এক সময় সমাবেশস্থল ও আশপাশ এলাকা 'রণক্ষেত্রে' পরিণত হয়। এ ঘটনায় ক্ষোভ প্রকাশ করে হুঁশিয়ারি দিয়েছেন দলটির জ্যেষ্ঠ যুগ্ম মুখ্য সমন্বয়ক আবদুল হান্নান মাসউদ। গোপালগঞ্জে জাতীয় নাগরিক পার্টির (এনসিপি) কর্মসূচির আগে ও পরে হামলার ঘটনা ঘটেছে। এক সময় সমাবেশস্থল ও আশপাশ এলাকা 'রণক্ষেত্রে' পরিণত হয়। এ ঘটনায় ক্ষোভ প্রকাশ করে হুঁশিয়ারি দিয়েছেন দলটির জ্যেষ্ঠ যুগ্ম মুখ্য সমন্বয়ক আবদুল হান্নান মাসউদ। গোপালগঞ্জে জাতীয় নাগরিক পার্টির (এনসিপি) কর্মসূচির আগে ও পরে হামলার ঘটনা ঘটেছে। এক সময় সমাবেশস্থল ও আশপাশ এলাকা 'রণক্ষেত্রে' পরিণত হয়। এ ঘটনায় ক্ষোভ প্রকাশ করে হুঁশিয়ারি দিয়েছেন দলটির জ্যেষ্ঠ যুগ্ম মুখ্য সমন্বয়ক আবদুল হান্নান মাসউদ। গোপালগঞ্জে জাতীয় নাগরিক পার্টির (এনসিপি) কর্মসূচির আগে ও পরে হামলার ঘটনা ঘটেছে। এক সময় সমাবেশস্থল ও আশপাশ এলাকা 'রণক্ষেত্রে' পরিণত হয়। এ ঘটনায় ক্ষোভ প্রকাশ করে হুঁশিয়ারি দিয়েছেন দলটির জ্যেষ্ঠ যুগ্ম মুখ্য সমন্বয়ক আবদুল হান্নান মাসউদ। গোপালগঞ্জে জাতীয় নাগরিক পার্টির (এনসিপি) কর্মসূচির আগে ও পরে হামলার ঘটনা ঘটেছে। এক সময় সমাবেশস্থল ও আশপাশ এলাকা 'রণক্ষেত্রে' পরিণত হয়। এ ঘটনায় ক্ষোভ প্রকাশ করে হুঁশিয়ারি দিয়েছেন দলটির জ্যেষ্ঠ যুগ্ম মুখ্য সমন্বয়ক আবদুল হান্নান মাসউদ। গোপালগঞ্জে জাতীয় নাগরিক পার্টির (এনসিপি) কর্মসূচির আগে ও পরে হামলার ঘটনা ঘটেছে। এক সময় সমাবেশস্থল ও আশপাশ এলাকা 'রণক্ষেত্রে' পরিণত হয়। এ ঘটনায় ক্ষোভ প্রকাশ করে হুঁশিয়ারি দিয়েছেন দলটির জ্যেষ্ঠ যুগ্ম মুখ্য সমন্বয়ক আবদুল হান্নান মাসউদ। গোপালগঞ্জে জাতীয় নাগরিক পার্টির (এনসিপি)
উঠেছে। এই হামলায় দায়ীদের অবশ্যই শাস্তির আওতায় আনতে হবে। দোষীদের দ্রুত শনাক্ত করে কঠোরভাবে জবাবদিহির মুখোমুখি করা প্রয়োজন। বাংলাদেশের কোনো নাগরিকের ওপর এমন বর্বর সহিংসতার কোনো জায়গা থাকতে পারে না। বিবৃতিতে আরও বলা হয়, আমরা সেনাবাহিনী ও পুলিশের তাৎক্ষণিক হস্তক্ষেপের জন্য তাদের প্রতি কৃতজ্ঞতা প্রকাশ করছি। পাশাপাশি হুমকি ও ভয়ভীতির মধ্যেও যারা সাহসিকতা ও অটল মনোভাব নিয়ে পদযাত্রা অব্যাহত রেখেছেন, সেই শিক্ষার্থী ও সাধারণ জনগণের প্রতি গভীর শ্রদ্ধা জানাই। উঠেছে। এই হামলায় দায়ীদের অবশ্যই শাস্তির আওতায় আনতে হবে। দোষীদের দ্রুত শনাক্ত করে কঠোরভাবে জবাবদিহির মুখোমুখি করা প্রয়োজন। বাংলাদেশের কোনো নাগরিকের ওপর এমন বর্বর সহিংসতার কোনো জায়গা থাকতে পারে না। বিবৃতিতে আরও বলা হয়, আমরা সেনাবাহিনী ও পুলিশের তাৎক্ষণিক হস্তক্ষেপের জন্য তাদের প্রতি কৃতজ্ঞতা প্রকাশ করছি। পাশাপাশি হুমকি ও ভয়ভীতির মধ্যেও যারা সাহসিকতা ও অটল মনোভাব নিয়ে পদযাত্রা অব্যাহত রেখেছেন, সেই শিক্ষার্থী ও সাধারণ জনগণের প্রতি গভীর শ্রদ্ধা জানাই। উঠেছে। এই হামলায় দায়ীদের অবশ্যই শাস্তির আওতায় আনতে হবে। দোষীদের দ্রুত শনাক্ত করে কঠোরভাবে জবাবদিহির
সংবাদ সম্মেলনে অভিযোগ
কক্সবাজারে 'জামায়াত নেতার নেতৃত্বে' মব সৃষ্টি করে বিএনপি নেতাকে হত্যা
● কক্সবাজার প্রতিনিধি
কক্সবাজার সদরে 'জামায়াত' নেতার নেতৃত্বে মব সৃষ্টি করে হামলা চালিয়ে বিএনপির নেতা রহিম উদ্দিন সিকদারকে হত্যা করা হয়েছে বলে গতকাল বুধবার অনুষ্ঠিত এক সংবাদ সম্মেলনে দাবি করেছে সদর উপজেলা বিএনপি। অভিযোগের বিষয়ে জানতে আবদুল্লাহ আল নোমানের মুঠোফোনে একাধিকবার যোগাযোগ করা হলেও তিনি ফোন রিসিভ না করায় তাঁর কোনো বক্তব্য পাওয়া যায়নি। কক্সবাজার সদরে 'জামায়াত' নেতার নেতৃত্বে মব সৃষ্টি করে হামলা চালিয়ে বিএনপির নেতা রহিম উদ্দিন সিকদারকে হত্যা করা হয়েছে বলে গতকাল বুধবার অনুষ্ঠিত এক সংবাদ সম্মেলনে দাবি করেছে সদর উপজেলা বিএনপি। অভিযোগের বিষয়ে জানতে আবদুল্লাহ আল নোমানের মুঠোফোনে একাধিকবার যোগাযোগ করা হলেও তিনি ফোন রিসিভ না করায় তাঁর কোনো বক্তব্য পাওয়া যায়নি। কক্সবাজার সদরে 'জামায়াত' নেতার নেতৃত্বে মব সৃষ্টি করে হামলা চালিয়ে বিএনপির নেতা রহিম উদ্দিন সিকদারকে হত্যা করা হয়েছে বলে গতকাল বুধবার অনুষ্ঠিত এক সংবাদ সম্মেলনে দাবি করেছে সদর উপজেলা বিএনপি। অভিযোগের বিষয়ে জানতে আবদুল্লাহ আল নোমানের মুঠোফোনে একাধিকবার যোগাযোগ করা হলেও তিনি ফোন রিসিভ না করায় তাঁর কোনো বক্তব্য পাওয়া যায়নি। কক্সবাজার সদরে 'জামায়াত' নেতার নেতৃত্বে মব সৃষ্টি করে হামলা চালিয়ে বিএনপির নেতা রহিম উদ্দিন সিকদারকে হত্যা করা হয়েছে বলে গতকাল বুধবার অনুষ্ঠিত এক সংবাদ সম্মেলনে দাবি করেছে সদর উপজেলা বিএনপি। অভিযোগের বিষয়ে জানতে আবদুল্লাহ আল নোমানের মুঠোফোনে একাধিকবার যোগাযোগ করা হলেও তিনি ফোন রিসিভ না করায় তাঁর কোনো বক্তব্য পাওয়া যায়নি। কক্সবাজার সদরে 'জামায়াত' নেতার নেতৃত্বে মব সৃষ্টি করে হামলা চালিয়ে বিএনপির নেতা রহিম উদ্দিন সিকদারকে হত্যা করা হয়েছে বলে গতকাল বুধবার অনুষ্ঠিত এক সংবাদ সম্মেলনে দাবি করেছে সদর উপজেলা বিএনপি। অভিযোগের বিষয়ে জানতে আবদুল্লাহ আল নোমানের মুঠোফোনে একাধিকবার যোগাযোগ করা হলেও তিনি ফোন রিসিভ না করায় তাঁর কোনো বক্তব্য পাওয়া যায়নি। কক্সবাজার সদরে 'জামায়াত' নেতার নেতৃত্বে মব সৃষ্টি করে হামলা চালিয়ে বিএনপির নেতা রহিম উদ্দিন সিকদারকে হত্যা করা হয়েছে বলে গতকাল বুধবার অনুষ্ঠিত এক সংবাদ সম্মেলনে দাবি করেছে সদর উপজেলা বিএনপি। অভিযোগের বিষয়ে জানতে আবদুল্লাহ আল নোমানের মুঠোফোনে একাধিকবার যোগাযোগ করা হলেও তিনি ফোন রিসিভ না করায় তাঁর কোনো বক্তব্য পাওয়া যায়নি। কক্সবাজার সদরে 'জামায়াত' নেতার নেতৃত্বে মব সৃষ্টি করে হামলা চালিয়ে বিএনপির নেতা রহিম উদ্দিন সিকদারকে হত্যা করা হয়েছে বলে গতকাল বুধবার অনুষ্ঠিত এক সংবাদ সম্মেলনে দাবি করেছে সদর উপজেলা বিএনপি। অভিযোগের বিষয়ে জানতে আবদুল্লাহ আল নোমানের মুঠোফোনে একাধিকবার যোগাযোগ করা হলেও তিনি ফোন রিসিভ না করায় তাঁর কোনো বক্তব্য পাওয়া যায়নি। কক্সবাজার সদরে 'জামায়াত' নেতার নেতৃত্বে মব সৃষ্টি করে হামলা চালিয়ে বিএনপির নেতা রহিম উদ্দিন সিকদারকে হত্যা করা হয়েছে বলে গতকাল বুধবার অনুষ্ঠিত এক সংবাদ সম্মেলনে দাবি করেছে সদর উপজেলা বিএনপি। অভিযোগের বিষয়ে জানতে আবদুল্লাহ আল নোমানের মুঠোফোনে একাধিকবার যোগাযোগ করা হলেও তিনি ফোন রিসিভ না করায় তাঁর কোনো বক্তব্য পাওয়া যায়নি। কক্সবাজার সদরে 'জামায়াত' নেতার নেতৃত্বে মব সৃষ্টি করে হামলা চালিয়ে বিএনপির নেতা রহিম উদ্দিন সিকদারকে হত্যা করা হয়েছে বলে গতকাল বুধবার অনুষ্ঠিত এক সংবাদ সম্মেলনে দাবি করেছে সদর উপজেলা বিএনপি। অভিযোগের বিষয়ে জানতে আবদুল্লাহ আল নোমানের মুঠোফোনে একাধিকবার যোগাযোগ করা হলেও তিনি ফোন রিসিভ না করায় তাঁর কোনো বক্তব্য পাওয়া যায়নি। কক্সবাজার সদরে
নির্বাচনি প্রক্রিয়ার বাইরে কোনো পন্থা গ্রহণযোগ্য নয়: মঈন খান
● নিজস্ব প্রতিবেদক
নির্বাচনি প্রক্রিয়ার বাইরে অন্য কোনো পন্থা গ্রহণযোগ্য নয় বলে মন্তব্য করেছেন বিএনপির স্থায়ী কমিটির সদস্য আবদুল মঈন খান। গতকাল বুধবার দুপুরে জাতীয় প্রেস ক্লাবে এক প্রতিবাদ সভায় তিনি এই মন্তব্য করেন। তিনি বলেন, 'আমরা গণতন্ত্রে বিশ্বাস করি। গণতন্ত্রে যে উত্তরণ সেই উত্তরণের একটি মাত্র প্রক্রিয়া হচ্ছে, একটি সুষ্ঠু নির্বাচন, নিরপেক্ষ নির্বাচন।' নির্বাচনি প্রক্রিয়ার বাইরে অন্য কোনো পন্থা গ্রহণযোগ্য নয় বলে মন্তব্য করেছেন বিএনপির স্থায়ী কমিটির সদস্য আবদুল মঈন খান। গতকাল বুধবার দুপুরে জাতীয় প্রেস ক্লাবে এক প্রতিবাদ সভায় তিনি এই মন্তব্য করেন। তিনি বলেন, 'আমরা গণতন্ত্রে বিশ্বাস করি। গণতন্ত্রে যে উত্তরণ সেই উত্তরণের একটি মাত্র প্রক্রিয়া হচ্ছে, একটি সুষ্ঠু নির্বাচন, নিরপেক্ষ নির্বাচন।' নির্বাচনি প্রক্রিয়ার বাইরে অন্য কোনো পন্থা গ্রহণযোগ্য নয় বলে মন্তব্য করেছেন বিএনপির স্থায়ী কমিটির সদস্য আবদুল মঈন খান। গতকাল বুধবার দুপুরে জাতীয় প্রেস ক্লাবে এক প্রতিবাদ সভায় তিনি এই মন্তব্য করেন। তিনি বলেন, 'আমরা গণতন্ত্রে বিশ্বাস করি। গণতন্ত্রে যে উত্তরণ সেই উত্তরণের একটি মাত্র প্রক্রিয়া হচ্ছে, একটি সুষ্ঠু নির্বাচন, নিরপেক্ষ নির্বাচন।' নির্বাচনি প্রক্রিয়ার বাইরে অন্য কোনো পন্থা গ্রহণযোগ্য নয় বলে মন্তব্য করেছেন বিএনপির স্থায়ী কমিটির সদস্য আবদুল মঈন খান। গতকাল বুধবার দুপুরে জাতীয় প্রেস ক্লাবে এক প্রতিবাদ সভায় তিনি এই মন্তব্য করেন। তিনি বলেন, 'আমরা গণতন্ত্রে বিশ্বাস করি। গণতন্ত্রে যে উত্তরণ সেই উত্তরণের একটি মাত্র প্রক্রিয়া হচ্ছে, একটি সুষ্ঠু নির্বাচন, নিরপেক্ষ নির্বাচন।' নির্বাচনি প্রক্রিয়ার বাইরে অন্য কোনো পন্থা গ্রহণযোগ্য নয় বলে মন্তব্য করেছেন বিএনপির স্থায়ী কমিটির সদস্য আবদুল মঈন খান। গতকাল বুধবার দুপুরে জাতীয় প্রেস ক্লাবে এক প্রতিবাদ সভায় তিনি এই মন্তব্য করেন। তিনি বলেন, 'আমরা গণতন্ত্রে বিশ্বাস করি। গণতন্ত্রে যে উত্তরণ সেই উত্তরণের একটি মাত্র প্রক্রিয়া হচ্ছে, একটি সুষ্ঠু নির্বাচন, নিরপেক্ষ নির্বাচন।' নির্বাচনি প্রক্রিয়ার বাইরে অন্য কোনো পন্থা গ্রহণযোগ্য নয় বলে মন্তব্য করেছেন বিএনপির স্থায়ী কমিটির সদস্য আবদুল মঈন খান। গতকাল বুধবার দুপুরে জাতীয় প্রেস ক্লাবে এক প্রতিবাদ সভায় তিনি এই মন্তব্য করেন। তিনি বলেন, 'আমরা গণতন্ত্রে বিশ্বাস করি। গণতন্ত্রে যে উত্তরণ সেই উত্তরণের একটি মাত্র প্রক্রিয়া হচ্ছে, একটি সুষ্ঠু নির্বাচন, নিরপেক্ষ নির্বাচন।' নির্বাচনি প্রক্রিয়ার বাইরে অন্য কোনো পন্থা গ্রহণযোগ্য নয় বলে মন্তব্য করেছেন বিএনপির স্থায়ী কমিটির সদস্য আবদুল মঈন খান। গতকাল বুধবার দুপুরে জাতীয় প্রেস ক্লাবে এক প্রতিবাদ সভায় তিনি এই মন্তব্য করেন। তিনি বলেন, 'আমরা গণতন্ত্রে বিশ্বাস করি। গণতন্ত্রে যে উত্তরণ সেই উত্তরণের একটি মাত্র প্রক্রিয়া হচ্ছে, একটি সুষ্ঠু নির্বাচন, নিরপেক্ষ নির্বাচন।' নির্বাচনি প্রক্রিয়ার বাইরে অন্য কোনো পন্থা গ্রহণযোগ্য নয় বলে মন্তব্য করেছেন বিএনপির স্থায়ী কমিটির সদস্য আবদুল মঈন খান। গতকাল বুধবার দুপুরে জাতীয় প্রেস ক্লাবে এক প্রতিবাদ সভায় তিনি এই মন্তব্য করেন। তিনি বলেন, 'আমরা গণতন্ত্রে বিশ্বাস করি। গণতন্ত্রে যে উত্তরণ সেই উত্তরণের একটি মাত্র প্রক্রিয়া হচ্ছে, একটি সুষ্ঠু নির্বাচন, নিরপেক্ষ নির্বাচন।' নির্বাচনি প্রক্রিয়ার বাইরে অন্য কোনো পন্থা গ্রহণযোগ্য নয় বলে মন্তব্য করেছেন বিএনপির স্থায়ী কমিটির সদস্য আবদুল মঈন খান। গতকাল বুধবার দুপুরে জাতীয় প্রেস ক্লাবে এক প্রতিবাদ সভায় তিনি এই মন্তব্য করেন। তিনি বলেন, 'আমরা গণতন্ত্রে বিশ্বাস করি। গণতন্ত্রে যে উত্তরণ সেই উত্তরণের একটি মাত্র প্রক্রিয়া হচ্ছে,
গোপালগঞ্জে এনসিপির ওপর হামলার প্রতিবাদে উত্তরায় শিক্ষার্থীদের রাস্তা অবরোধ
● নিজস্ব প্রতিবেদক
গোপালগঞ্জে এনসিপির কর্মসূচিতে হামলার প্রতিবাদে উত্তরায় সড়ক অবরোধ করেছে বিভিন্ন কলেজ, বিশ্ববিদ্যালয় ও মাদ্রাসার শিক্ষার্থীরা। গতকাল বুধবার বিকাল ৫টার দিকে তারা সড়ক অবরোধ করেন। অবরোধকারীরা বলেন, 'নিষিদ্ধ সংগঠন আওয়ামী লীগ প্রতিরোধের প্রশ্নে আমরা সবাই এক ও ঐক্যবদ্ধ।' গোপালগঞ্জে এনসিপির কর্মসূচিতে হামলার প্রতিবাদে উত্তরায় সড়ক অবরোধ করেছে বিভিন্ন কলেজ, বিশ্ববিদ্যালয় ও মাদ্রাসার শিক্ষার্থীরা। গতকাল বুধবার বিকাল ৫টার দিকে তারা সড়ক অবরোধ করেন। অবরোধকারীরা বলেন, 'নিষিদ্ধ সংগঠন আওয়ামী লীগ প্রতিরোধের প্রশ্নে আমরা সবাই এক ও ঐক্যবদ্ধ।' গোপালগঞ্জে এনসিপির কর্মসূচিতে হামলার প্রতিবাদে উত্তরায় সড়ক অবরোধ করেছে বিভিন্ন কলেজ, বিশ্ববিদ্যালয় ও মাদ্রাসার শিক্ষার্থীরা। গতকাল বুধবার বিকাল ৫টার দিকে তারা সড়ক অবরোধ করেন। অবরোধকারীরা বলেন, 'নিষিদ্ধ
ডেঙ্গুতে দুই নারীর মৃত্যু, হাসপাতালে ৩২১
● নিজস্ব প্রতিবেদক
ডেঙ্গু জ্বরে আক্রান্ত হয়ে গত ২৪ ঘণ্টায় দুই নারীর মৃত্যু হয়েছে। একই সময়ে হাসপাতালে ভর্তি হয়েছেন ৩২১ জন। গতকাল বুধবার বিকেলে স্বাস্থ্য অধিদপ্তরের হেলথ ইমার্জেন্সি অপারেশন সেন্টার ও কন্ট্রোলরুম থেকে পাঠানো সংবাদ বিজ্ঞপ্তিতে এসব তথ্য জানানো হয়। চলতি বছর এখন পর্যন্ত ১৪ হাজার ৬০৫ জন ছাড়পত্র পেয়েছেন। ডেঙ্গু জ্বরে আক্রান্ত হয়ে গত ২৪ ঘণ্টায় দুই নারীর মৃত্যু হয়েছে। একই সময়ে হাসপাতালে ভর্তি হয়েছেন ৩২১ জন। গতকাল বুধবার বিকেলে স্বাস্থ্য অধিদপ্তরের হেলথ ইমার্জেন্সি অপারেশন সেন্টার ও কন্ট্রোলরুম থেকে পাঠানো সংবাদ বিজ্ঞপ্তিতে এসব তথ্য জানানো হয়। চলতি বছর এখন পর্যন্ত ১৪ হাজার ৬০৫ জন ছাড়পত্র পেয়েছেন। ডেঙ্গু জ্বরে আক্রান্ত হয়ে গত ২৪ ঘণ্টায় দুই নারীর মৃত্যু হয়েছে। একই সময়ে হাসপাতালে ভর্তি হয়েছেন ৩২১ জন। গতকাল বুধবার বিকেলে স্বাস্থ্য অধিদপ্তরের হেলথ ইমার্জেন্সি অপারেশন সেন্টার ও কন্ট্রোলরুম থেকে পাঠানো সংবাদ বিজ্ঞপ্তিতে এসব তথ্য জানানো হয়। চলতি বছর এখন পর্যন্ত ১৪ হাজার ৬০৫ জন ছাড়পত্র পেয়েছেন। ডেঙ্গু জ্বরে আক্রান্ত হয়ে
